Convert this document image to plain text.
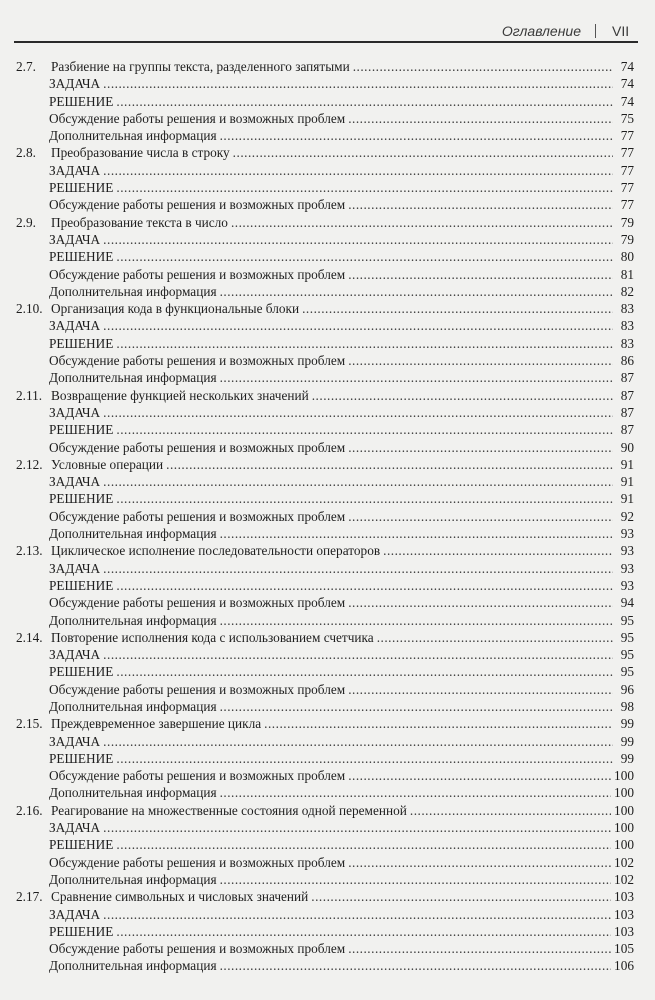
Оглавление VII
2.7.	Разбиение на группы текста, разделенного запятыми .....	74
ЗАДАЧА .....	74
РЕШЕНИЕ .....	74
Обсуждение работы решения и возможных проблем .....	75
Дополнительная информация .....	77
2.8.	Преобразование числа в строку .....	77
ЗАДАЧА .....	77
РЕШЕНИЕ .....	77
Обсуждение работы решения и возможных проблем .....	77
2.9.	Преобразование текста в число .....	79
ЗАДАЧА .....	79
РЕШЕНИЕ .....	80
Обсуждение работы решения и возможных проблем .....	81
Дополнительная информация .....	82
2.10. Организация кода в функциональные блоки .....	83
ЗАДАЧА .....	83
РЕШЕНИЕ .....	83
Обсуждение работы решения и возможных проблем .....	86
Дополнительная информация .....	87
2.11. Возвращение функцией нескольких значений .....	87
ЗАДАЧА .....	87
РЕШЕНИЕ .....	87
Обсуждение работы решения и возможных проблем .....	90
2.12. Условные операции .....	91
ЗАДАЧА .....	91
РЕШЕНИЕ .....	91
Обсуждение работы решения и возможных проблем .....	92
Дополнительная информация .....	93
2.13. Циклическое исполнение последовательности операторов .....	93
ЗАДАЧА .....	93
РЕШЕНИЕ .....	93
Обсуждение работы решения и возможных проблем .....	94
Дополнительная информация .....	95
2.14. Повторение исполнения кода с использованием счетчика .....	95
ЗАДАЧА .....	95
РЕШЕНИЕ .....	95
Обсуждение работы решения и возможных проблем .....	96
Дополнительная информация .....	98
2.15. Преждевременное завершение цикла .....	99
ЗАДАЧА .....	99
РЕШЕНИЕ .....	99
Обсуждение работы решения и возможных проблем .....	100
Дополнительная информация .....	100
2.16. Реагирование на множественные состояния одной переменной .....	100
ЗАДАЧА .....	100
РЕШЕНИЕ .....	100
Обсуждение работы решения и возможных проблем .....	102
Дополнительная информация .....	102
2.17. Сравнение символьных и числовых значений .....	103
ЗАДАЧА .....	103
РЕШЕНИЕ .....	103
Обсуждение работы решения и возможных проблем .....	105
Дополнительная информация .....	106
